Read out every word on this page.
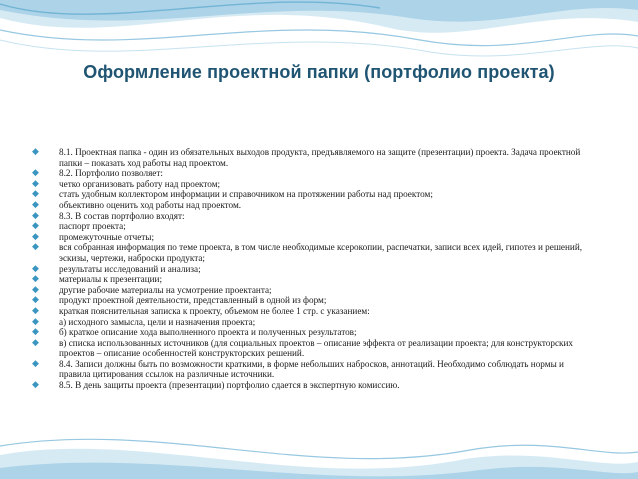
Оформление проектной папки (портфолио проекта)
◆ 8.1. Проектная папка - один из обязательных выходов продукта, предъявляемого на защите (презентации) проекта. Задача проектной папки – показать ход работы над проектом.
◆ 8.2. Портфолио позволяет:
◆ четко организовать работу над проектом;
◆ стать удобным коллектором информации и справочником на протяжении работы над проектом;
◆ объективно оценить ход работы над проектом.
◆ 8.3. В состав портфолио входят:
◆ паспорт проекта;
◆ промежуточные отчеты;
◆ вся собранная информация по теме проекта, в том числе необходимые ксерокопии, распечатки, записи всех идей, гипотез и решений, эскизы, чертежи, наброски продукта;
◆ результаты исследований и анализа;
◆ материалы к презентации;
◆ другие рабочие материалы на усмотрение проектанта;
◆ продукт проектной деятельности, представленный в одной из форм;
◆ краткая пояснительная записка к проекту, объемом не более 1 стр. с указанием:
◆ а) исходного замысла, цели и назначения проекта;
◆ б) краткое описание хода выполненного проекта и полученных результатов;
◆ в) списка использованных источников (для социальных проектов – описание эффекта от реализации проекта; для конструкторских проектов – описание особенностей конструкторских решений.
◆ 8.4. Записи должны быть по возможности краткими, в форме небольших набросков, аннотаций. Необходимо соблюдать нормы и правила цитирования ссылок на различные источники.
◆ 8.5. В день защиты проекта (презентации) портфолио сдается в экспертную комиссию.
